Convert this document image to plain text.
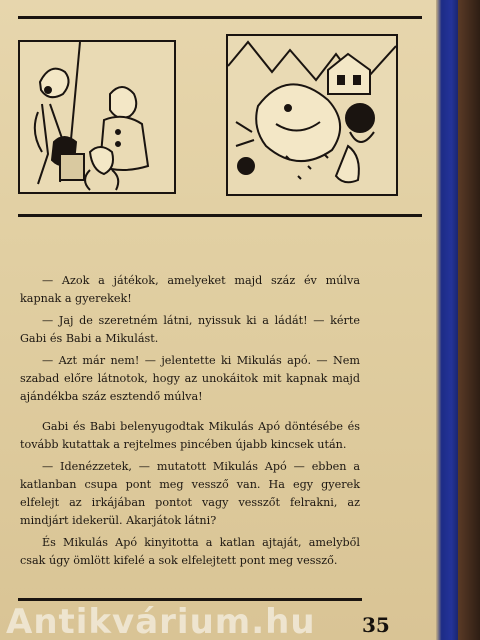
— Azok a játékok, amelyeket majd száz év múlva kapnak a gyerekek!

— Jaj de szeretném látni, nyissuk ki a ládát! — kérte Gabi és Babi a Mikulást.

— Azt már nem! — jelentette ki Mikulás apó. — Nem szabad előre látnotok, hogy az unokáitok mit kapnak majd ajándékba száz esztendő múlva!

Gabi és Babi belenyugodtak Mikulás Apó döntésébe és tovább kutattak a rejtelmes pincében újabb kincsek után.

— Idenézzetek, — mutatott Mikulás Apó — ebben a katlanban csupa pont meg vessző van. Ha egy gyerek elfelejt az irkájában pontot vagy vesszőt felrakni, az mindjárt idekerül. Akarjátok látni?

És Mikulás Apó kinyitotta a katlan ajtaját, amelyből csak úgy ömlött kifelé a sok elfelejtett pont meg vessző.

Antikvárium.hu 35
